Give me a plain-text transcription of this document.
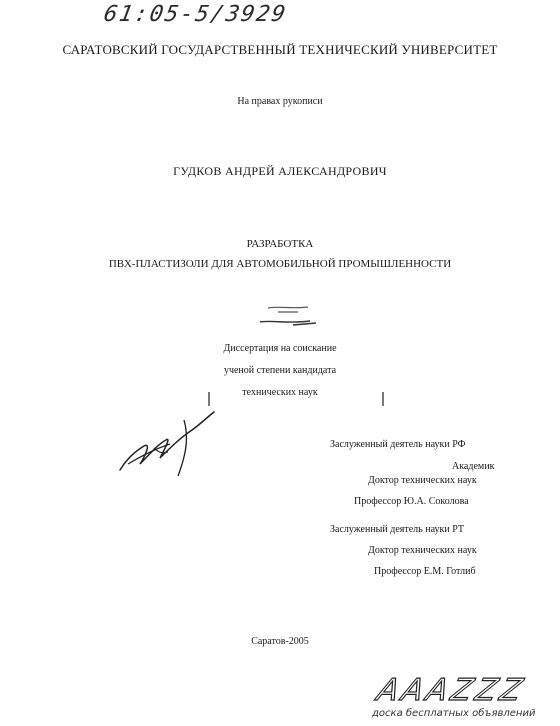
61:05-5/3929
САРАТОВСКИЙ ГОСУДАРСТВЕННЫЙ ТЕХНИЧЕСКИЙ УНИВЕРСИТЕТ
На правах рукописи
ГУДКОВ АНДРЕЙ АЛЕКСАНДРОВИЧ
РАЗРАБОТКА
ПВХ-ПЛАСТИЗОЛИ ДЛЯ АВТОМОБИЛЬНОЙ ПРОМЫШЛЕННОСТИ
Диссертация на соискание
ученой степени кандидата
технических наук
Заслуженный деятель науки РФ
Академик
Доктор технических наук
Профессор Ю.А. Соколова
Заслуженный деятель науки РТ
Доктор технических наук
Профессор Е.М. Готлиб
Саратов-2005
AAAZZZ
доска бесплатных объявлений
